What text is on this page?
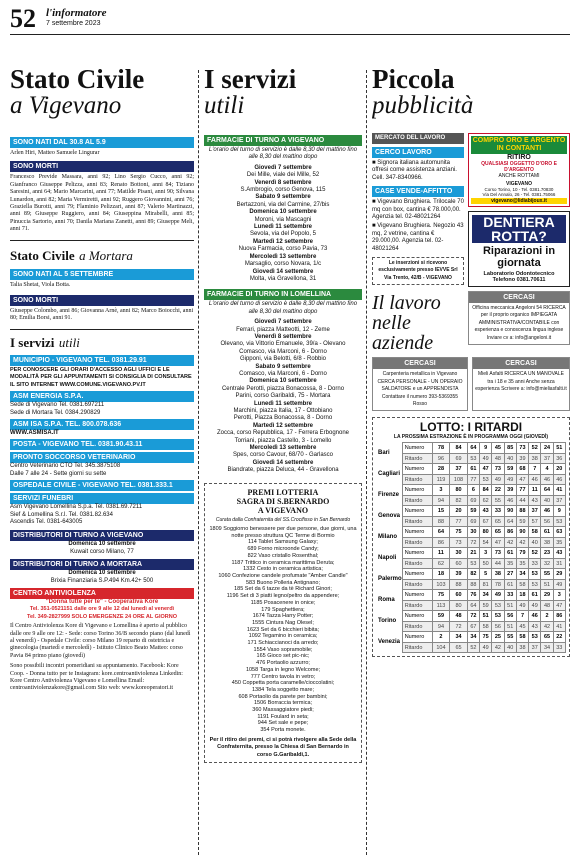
52 l'informatore
7 settembre 2023
Stato Civile
a Vigevano
SONO NATI DAL 30.8 AL 5.9
Arlen Hiri, Matteo Samuele Lingurar
SONO MORTI
Francesco Previde Massara, anni 92; Lino Sergio Cucco, anni 92; Gianfranco Giuseppe Pelizza, anni 83; Renato Bottoni, anni 84; Tiziano Saresini, anni 64; Mario Marcarini, anni 77; Matilde Pisani, anni 90; Silvana Lunardon, anni 82; Maria Vermiretti, anni 92; Ruggero Giovannini, anni 76; Graziella Burotti, anni 79; Flaminio Pelizzari, anni 87; Valerio Martinazzi, anni 89; Giuseppe Ruggiero, anni 84; Giuseppina Mirabelli, anni 85; Pinuccia Sartorio, anni 70; Danila Mariana Zanetti, anni 89; Giuseppe Meli, anni 71.
Stato Civile a Mortara
SONO NATI AL 5 SETTEMBRE
Talia Shetat, Viola Botta.
SONO MORTI
Giuseppe Colombo, anni 86; Giovanna Arnè, anni 82; Marco Boiocchi, anni 80; Emilia Borsi, anni 91.
I servizi utili
MUNICIPIO - VIGEVANO TEL. 0381.29.91
PER CONOSCERE GLI ORARI D'ACCESSO AGLI UFFICI E LE MODALITÀ PER GLI APPUNTAMENTI SI CONSIGLIA DI CONSULTARE IL SITO INTERNET WWW.COMUNE.VIGEVANO.PV.IT
ASM ENERGIA S.P.A.
Sede di Vigevano Tel. 0381.697211
Sede di Mortara Tel. 0384.290829
ASM ISA S.P.A. TEL. 800.078.636
WWW.ASMISA.IT
POSTA - VIGEVANO TEL. 0381.90.43.11
PRONTO SOCCORSO VETERINARIO
Centro Veterinario CTO Tel. 345.3875108
Dalle 7 alle 24 - Sette giorni su sette
OSPEDALE CIVILE - VIGEVANO TEL. 0381.333.1
SERVIZI FUNEBRI
Asm Vigevano Lomellina S.p.a. Tel. 0381.69.7211
Sief & Lomellina S.r.l. Tel. 0381.82.634
Ascendis Tel. 0381-643005
DISTRIBUTORI DI TURNO A VIGEVANO
Domenica 10 settembre
Kuwait corso Milano, 77
DISTRIBUTORI DI TURNO A MORTARA
Domenica 10 settembre
Brixia Finanziaria S.P.494 Km.42+ 500
CENTRO ANTIVIOLENZA
"Donna tutte per te" - Cooperativa Kore
Tel. 351-0521151 dalle ore 9 alle 12 dal lunedì al venerdì
Tel. 349-2827999 SOLO EMERGENZE 24 ORE AL GIORNO
Il Centro Antiviolenza Kore di Vigevano e Lomellina è aperto al pubblico dalle ore 9 alle ore 12: - Sede: corso Torino 36/B secondo piano (dal lunedì al venerdì) - Ospedale Civile: corso Milano 19 reparto di ostetricia e ginecologia (martedì e mercoledì) - Istituto Clinico Beato Matteo: corso Pavia 84 primo piano (giovedì)
Sono possibili incontri pomeridiani su appuntamento. Facebook: Kore Coop. - Donna tutto per te Instagram: kore.centroantiviolenza Linkedin: Kore Centro Antiviolenza Vigevano e Lomellina Email: centroantiviolenzakore@gmail.com Sito web: www.koreoperatori.it
I servizi
utili
FARMACIE DI TURNO A VIGEVANO
L'orario del turno di servizio è dalle 8,30 del mattino fino alle 8,30 del mattino dopo
Giovedì 7 settembre
Dei Mille, viale dei Mille, 52
Venerdì 8 settembre
S.Ambrogio, corso Genova, 115
Sabato 9 settembre
Bertazzoni, via del Carmine, 27/bis
Domenica 10 settembre
Moroni, via Mascagni
Lunedì 11 settembre
Sevola, via del Popolo, 5
Martedì 12 settembre
Nuova Farmacia, corso Pavia, 73
Mercoledì 13 settembre
Marsaglio, corso Novara, 1/c
Giovedì 14 settembre
Molta, via Gravellona, 31
FARMACIE DI TURNO IN LOMELLINA
L'orario del turno di servizio è dalle 8,30 del mattino fino alle 8,30 del mattino dopo
Giovedì 7 settembre
Ferrari, piazza Matteotti, 12 - Zeme
Venerdì 8 settembre
Olevano, via Vittorio Emanuele, 39/a - Olevano
Comasco, via Marconi, 6 - Dorno
Gipponi, via Belotti, 6/8 - Robbio
Sabato 9 settembre
Comasco, via Marconi, 6 - Dorno
Domenica 10 settembre
Centrale Perotti, piazza Bonacossa, 8 - Dorno
Parini, corso Garibaldi, 75 - Mortara
Lunedì 11 settembre
Marchini, piazza Italia, 17 - Ottobiano
Perotti, Piazza Bonacossa, 8 - Dorno
Martedì 12 settembre
Zocca, corso Repubblica, 17 - Ferrera Erbognone
Torriani, piazza Castello, 3 - Lomello
Mercoledì 13 settembre
Spes, corso Cavour, 68/70 - Garlasco
Giovedì 14 settembre
Biandrate, piazza Deluca, 44 - Gravellona
PREMI LOTTERIA
SAGRA DI S.BERNARDO
A VIGEVANO
Curata dalla Confraternita del SS.Crocifisso in San Bernardo
1809 Soggiorno benessere per due persone, due giorni, una notte presso struttura QC Terme di Bormio
114 Tablet Samsung Galaxy;
689 Forno microonde Candy;
822 Vaso cristallo Rosenthal;
1187 Trittico in ceramica marittima Deruta;
1332 Cesto in ceramica artistica;
1060 Confezione candele profumate "Amber Candle"
583 Buono Polleria Antignano;
185 Set da 6 tazze da tè Richard Ginori;
1196 Set di 3 piatti legno/peltro da appendere;
1185 Posacenere in onice;
179 Spaghettiera;
1674 Tazza Harry Potter;
1555 Cintura Nag Olesel;
1623 Set da 6 bicchieri bibita;
1092 Tegamino in ceramica;
171 Schiaccianoci da arredo;
1554 Vaso sopramobile;
165 Gioco set pic-nic;
476 Portaolio azzurro;
1058 Targa in legno Welcome;
777 Centro tavola in vetro;
450 Coppetta porta caramelle/cioccolatini;
1384 Tela soggetto mare;
608 Portaolio da parete per bambini;
1506 Borraccia termica;
360 Massaggiatore piedi;
1191 Foulard in seta;
944 Set sale e pepe;
354 Porta monete.
Per il ritiro dei premi, ci si potrà rivolgere alla Sede della Confraternita, presso la Chiesa di San Bernardo in corso G.Garibaldi,1.
Piccola
pubblicità
MERCATO DEL LAVORO
CERCO LAVORO
■ Signora italiana automunita offresi come assistenza anziani. Cell. 347-8340966.
CASE VENDE-AFFITTO
■ Vigevano Brughiera. Trilocale 70 mq con box, cantina € 78.000,00. Agenzia tel. 02-48021264
■ Vigevano Brughiera. Negozio 43 mq, 2 vetrine, cantina € 29.000,00. Agenzia tel. 02-48021264
Le inserzioni si ricevono esclusivamente presso IEVVE Srl Via Trento, 42/B - VIGEVANO
Il lavoro
nelle
aziende
COMPRO ORO E ARGENTO IN CONTANTI
RITIRO
QUALSIASI OGGETTO D'ORO E D'ARGENTO
ANCHE ROTTAMI
VIGEVANO
Corso Torino, 10 - Tel. 0381.70830
Via Del Annalo, 26 - Tel. 0381.75066
vigevano@lidiabijoux.it
DENTIERA ROTTA?
Riparazioni in giornata
Laboratorio Odontotecnico
Telefono 0381.70611
CERCASI
Officina meccanica Angeloni 54 RICERCA per il proprio organico IMPIEGATA AMMINISTRATIVA/CONTABILE con esperienza e conoscenza lingua inglese Inviare cv a: info@angeloni.it
CERCASI
Carpenteria metallica in Vigevano CERCA PERSONALE - UN OPERAIO SALDATORE e un APPRENDISTA Contattare il numero 393-5369355 Rosso
CERCASI
Mieli Asfalti RICERCA UN MANOVALE tra i 18 e 35 anni Anche senza esperienza Scrivere a: info@mieliasfalti.it
LOTTO: I RITARDI
LA PROSSIMA ESTRAZIONE È IN PROGRAMMA OGGI (GIOVEDÌ)
Bari	Numero	78	84	64	9	45	85	73	52	24	51
	Ritardo	96	69	53	49	48	40	39	38	37	36
Cagliari	Numero	28	37	61	47	73	59	68	7	4	20
	Ritardo	119	108	77	53	49	49	47	46	46	46
Firenze	Numero	3	80	6	84	22	39	77	11	64	41
	Ritardo	94	82	69	62	55	46	44	43	40	37
Genova	Numero	15	20	59	43	33	90	88	37	46	9
	Ritardo	88	77	69	67	65	64	59	57	56	53
Milano	Numero	64	75	30	80	65	86	90	58	61	63
	Ritardo	86	73	72	54	47	42	42	40	38	35
Napoli	Numero	11	30	21	3	73	61	79	52	23	43
	Ritardo	62	60	53	50	44	35	35	33	32	31
Palermo	Numero	18	39	82	5	38	27	34	53	55	29
	Ritardo	103	88	88	81	78	61	58	53	51	49
Roma	Numero	75	60	76	34	49	33	18	61	29	3
	Ritardo	113	80	64	59	53	51	49	49	48	47
Torino	Numero	59	48	72	51	53	56	7	46	2	86
	Ritardo	94	72	67	58	56	51	45	43	42	41
Venezia	Numero	2	34	34	75	25	55	58	53	65	22
	Ritardo	104	65	52	49	42	40	38	37	34	33
